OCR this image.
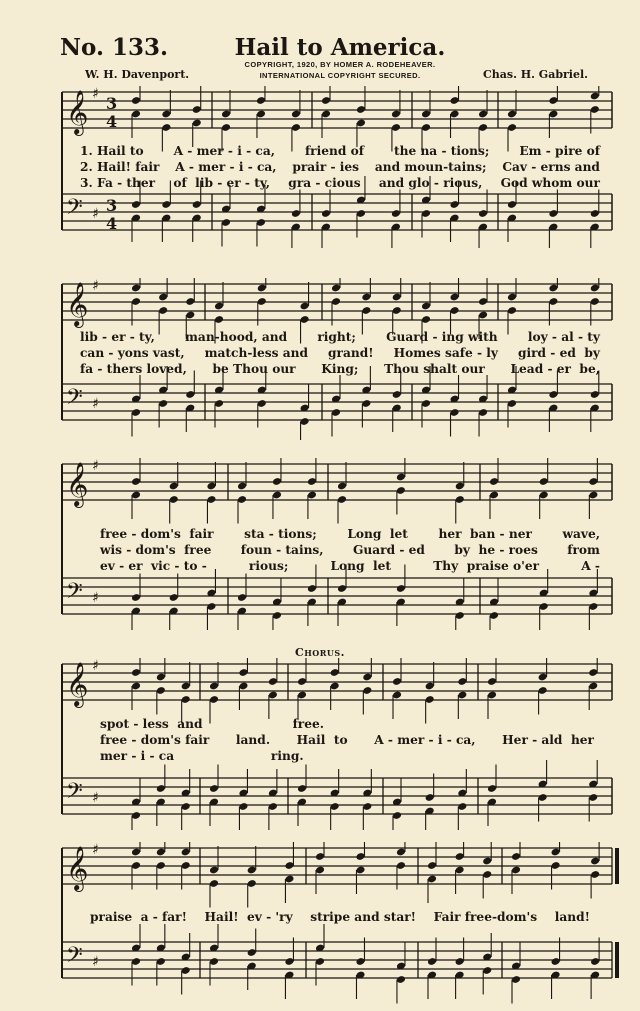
No. 133.	Hail to America.
COPYRIGHT, 1920, BY HOMER A. RODEHEAVER.
INTERNATIONAL COPYRIGHT SECURED.
W. H. Davenport.	Chas. H. Gabriel.
𝄞 ♯ 3
4
𝄢 ♯ 3
4
1. Hail to A - mer - i - ca, friend of the na - tions; Em - pire of
2. Hail! fair A - mer - i - ca, prair - ies and moun-tains; Cav - erns and
3. Fa - ther of  lib - er - ty, gra - cious and glo - rious, God whom our
𝄞 ♯
𝄢 ♯
lib - er - ty, man-hood, and right; Guard - ing with loy - al - ty
can - yons vast, match-less and grand! Homes safe - ly gird - ed  by
fa - thers loved, be Thou our King; Thou shalt our Lead - er  be,
𝄞 ♯
𝄢 ♯
free - dom's  fair	sta - tions;	Long  let	her  ban - ner	wave,
wis - dom's  free foun - tains, Guard - ed by  he - roes from
ev - er  vic - to -	rious;	Long  let	Thy  praise o'er	A -
Chorus.
𝄞 ♯
𝄢 ♯
spot - less  and	free.
free - dom's fair land. Hail  to A - mer - i - ca, Her - ald  her
mer - i - ca	ring.
𝄞 ♯
𝄢 ♯
praise  a - far! Hail!  ev - 'ry stripe and star! Fair free-dom's land!
